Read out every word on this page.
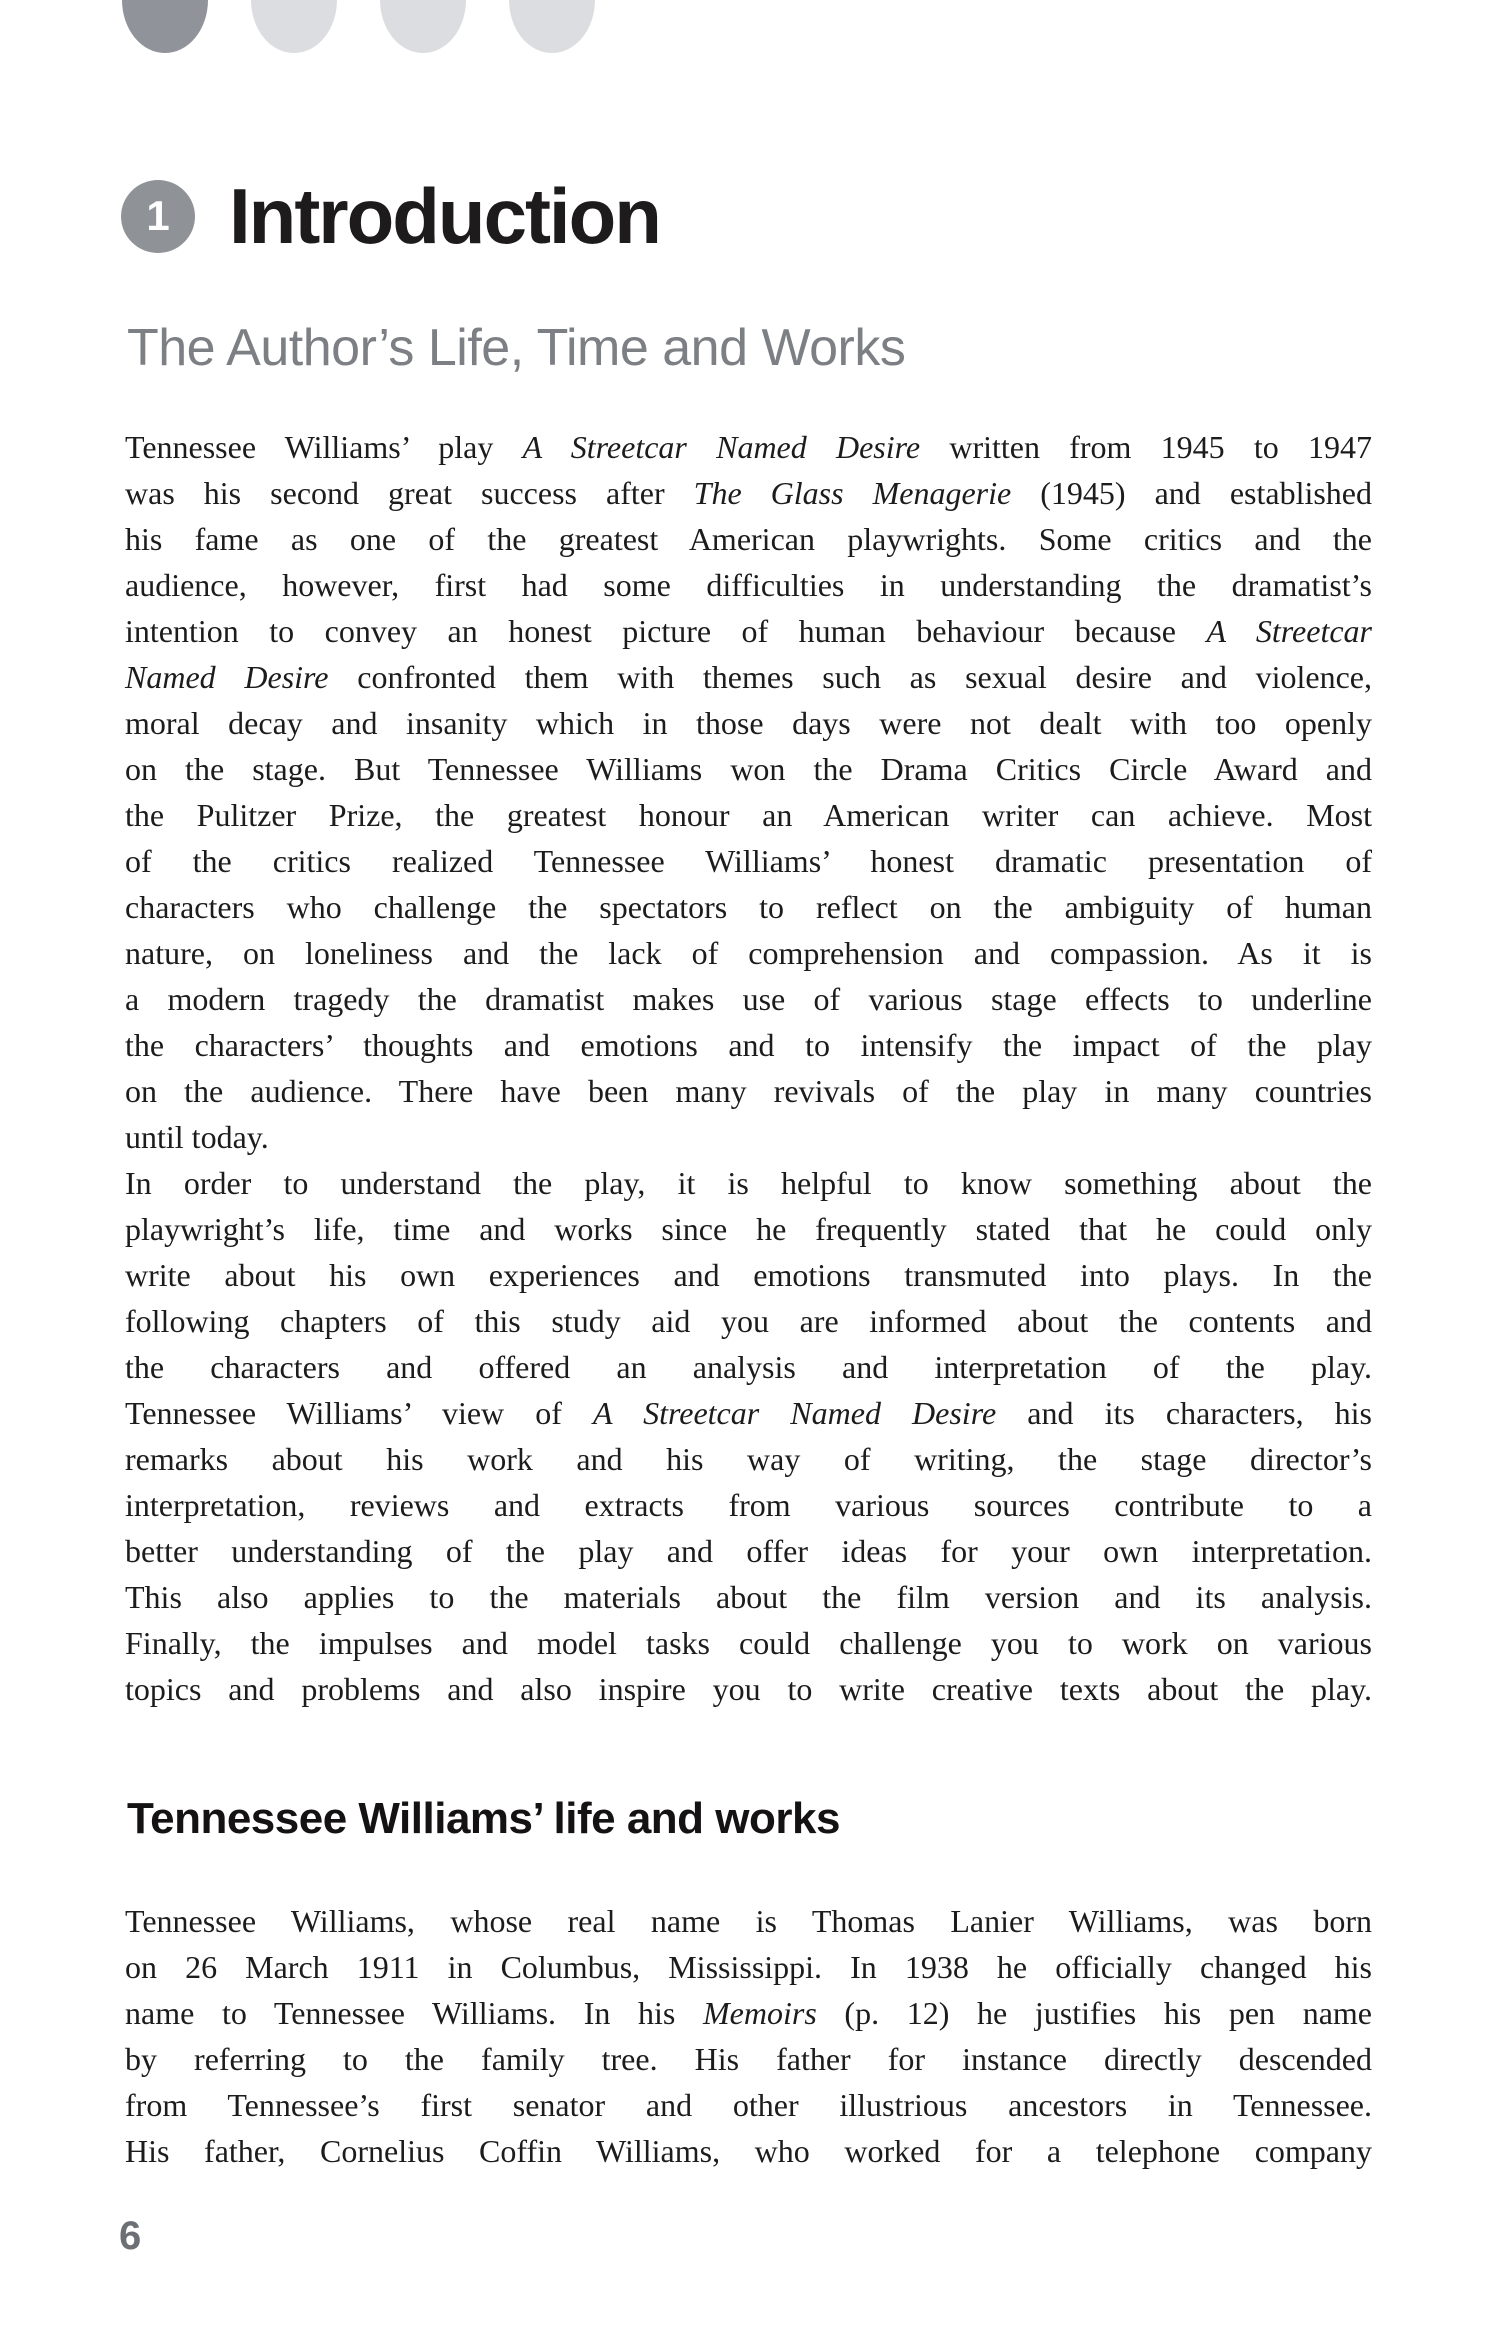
1 Introduction
The Author’s Life, Time and Works
Tennessee Williams’ play A Streetcar Named Desire written from 1945 to 1947
was his second great success after The Glass Menagerie (1945) and established
his fame as one of the greatest American playwrights. Some critics and the
audience, however, first had some difficulties in understanding the dramatist’s
intention to convey an honest picture of human behaviour because A Streetcar
Named Desire confronted them with themes such as sexual desire and violence,
moral decay and insanity which in those days were not dealt with too openly
on the stage. But Tennessee Williams won the Drama Critics Circle Award and
the Pulitzer Prize, the greatest honour an American writer can achieve. Most
of the critics realized Tennessee Williams’ honest dramatic presentation of
characters who challenge the spectators to reflect on the ambiguity of human
nature, on loneliness and the lack of comprehension and compassion. As it is
a modern tragedy the dramatist makes use of various stage effects to underline
the characters’ thoughts and emotions and to intensify the impact of the play
on the audience. There have been many revivals of the play in many countries
until today.
In order to understand the play, it is helpful to know something about the
playwright’s life, time and works since he frequently stated that he could only
write about his own experiences and emotions transmuted into plays. In the
following chapters of this study aid you are informed about the contents and
the characters and offered an analysis and interpretation of the play.
Tennessee Williams’ view of A Streetcar Named Desire and its characters, his
remarks about his work and his way of writing, the stage director’s
interpretation, reviews and extracts from various sources contribute to a
better understanding of the play and offer ideas for your own interpretation.
This also applies to the materials about the film version and its analysis.
Finally, the impulses and model tasks could challenge you to work on various
topics and problems and also inspire you to write creative texts about the play.
Tennessee Williams’ life and works
Tennessee Williams, whose real name is Thomas Lanier Williams, was born
on 26 March 1911 in Columbus, Mississippi. In 1938 he officially changed his
name to Tennessee Williams. In his Memoirs (p. 12) he justifies his pen name
by referring to the family tree. His father for instance directly descended
from Tennessee’s first senator and other illustrious ancestors in Tennessee.
His father, Cornelius Coffin Williams, who worked for a telephone company
6
